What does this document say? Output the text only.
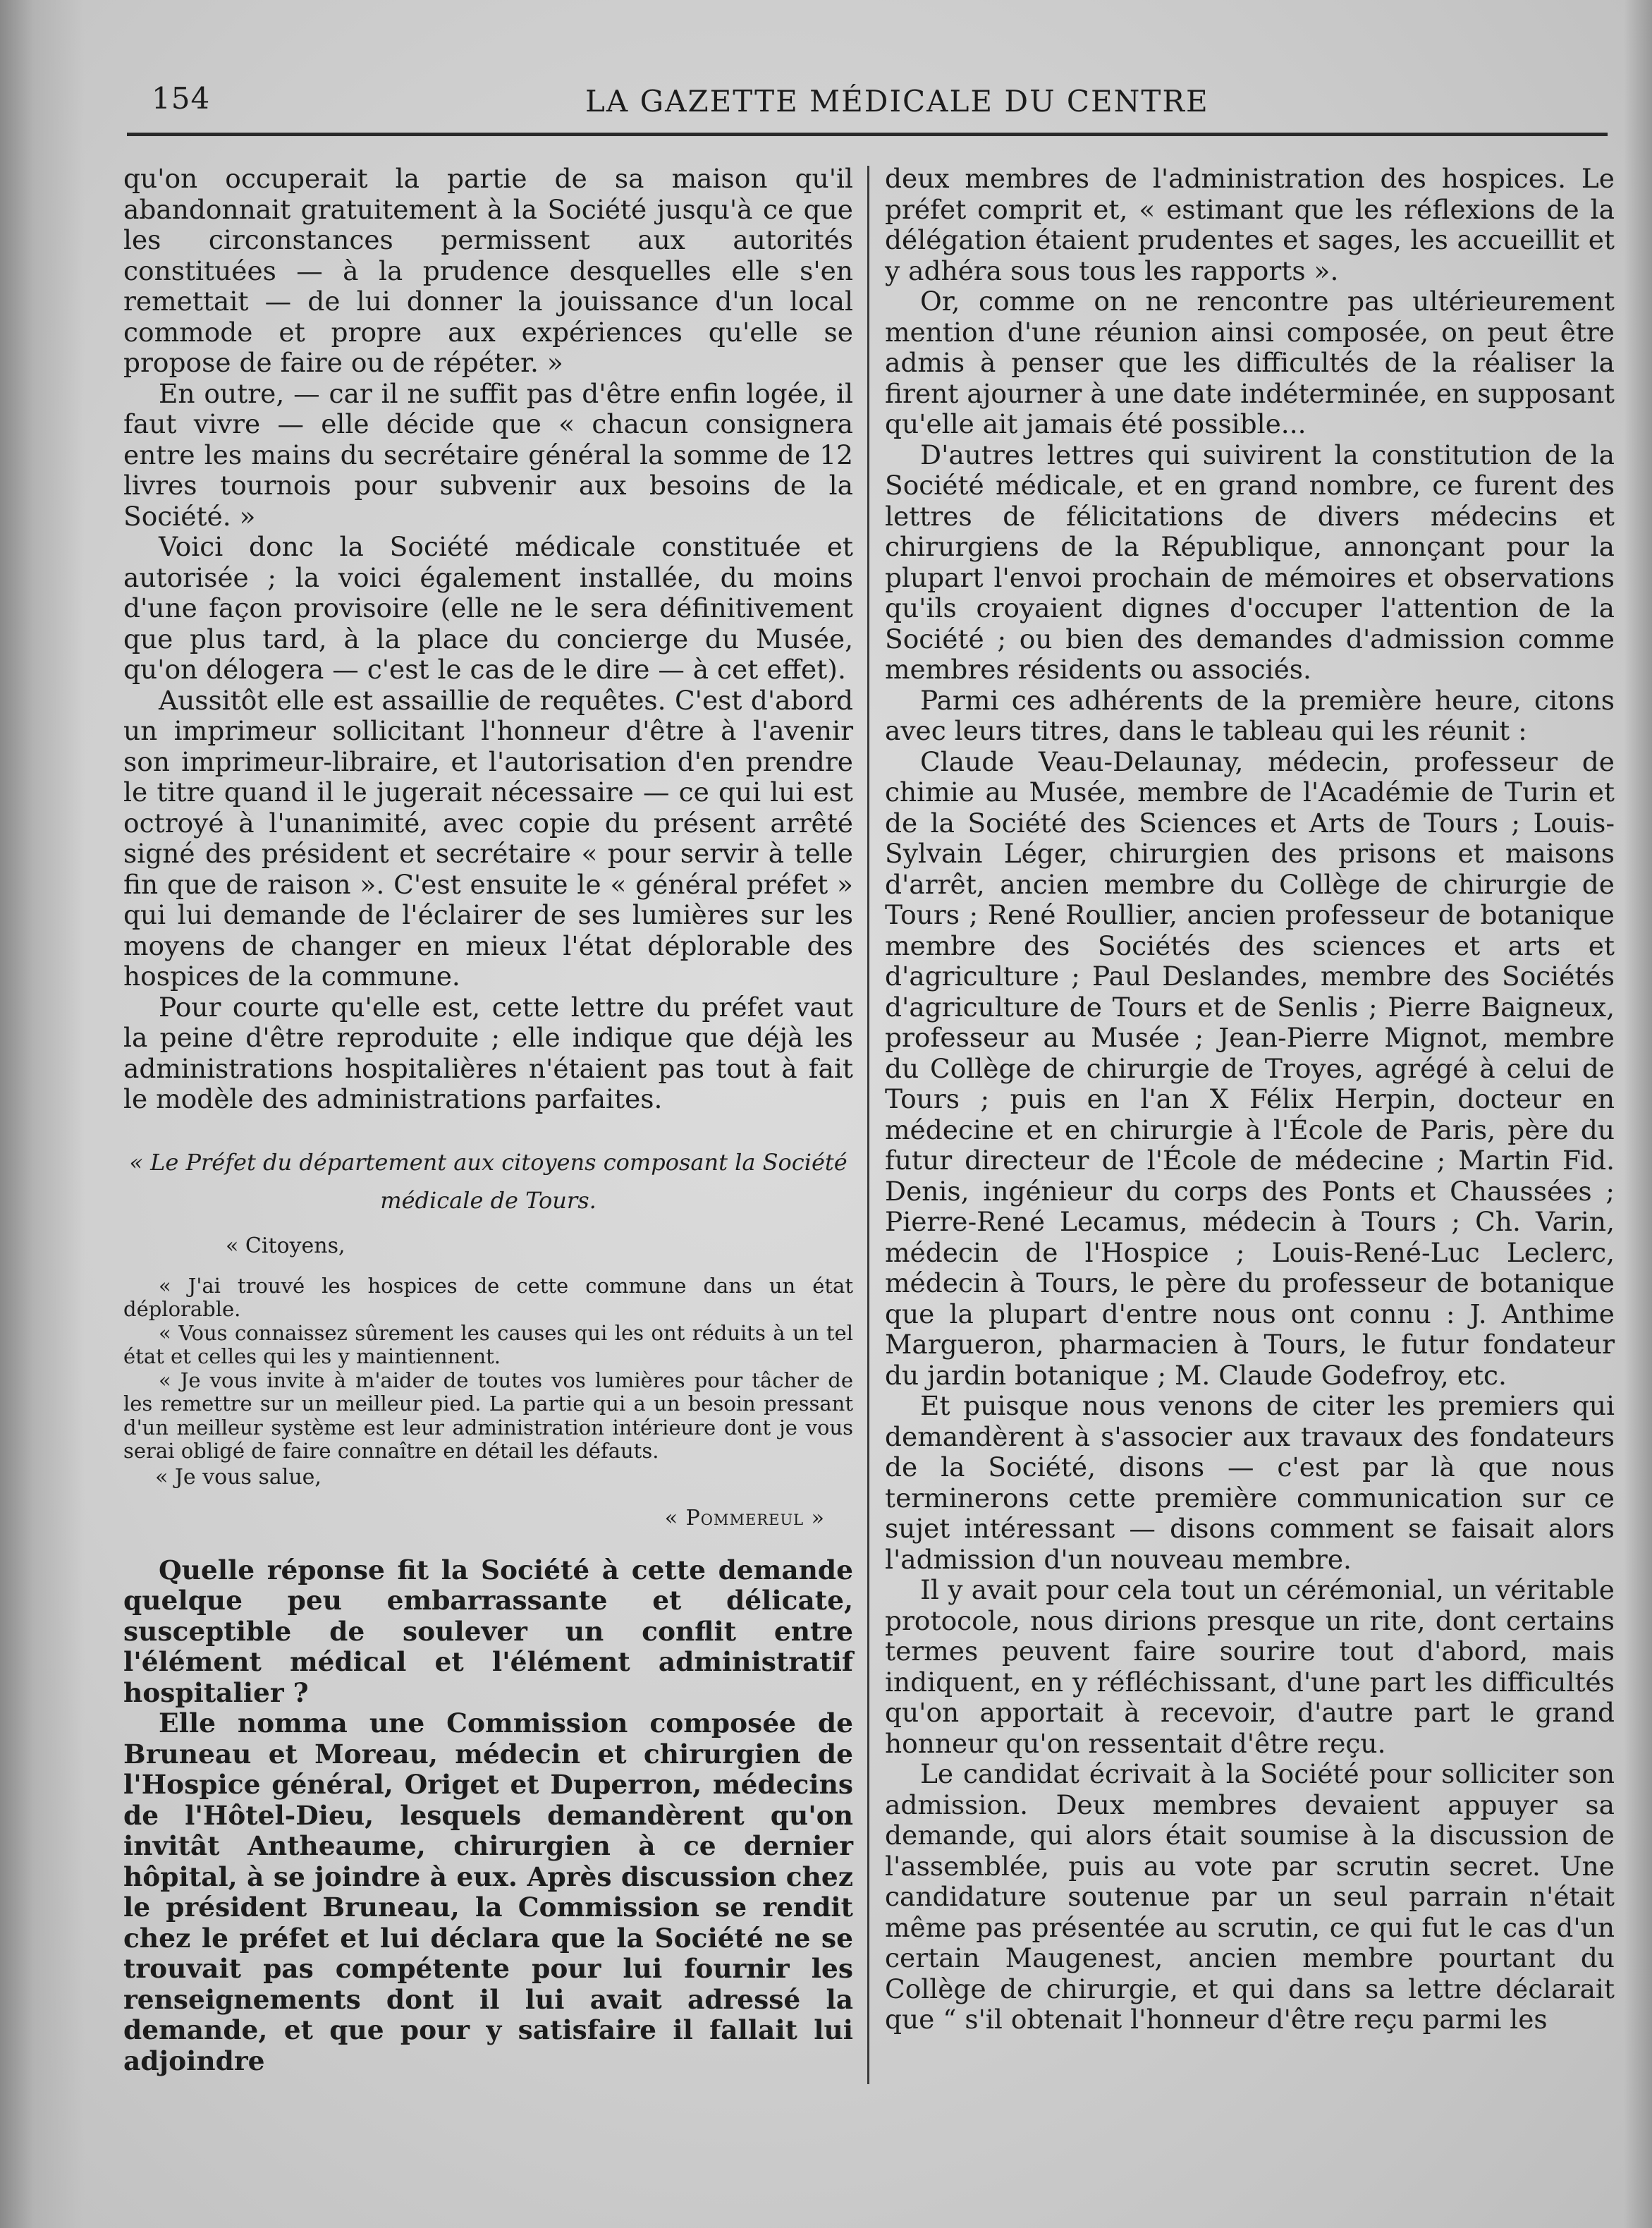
154	LA GAZETTE MÉDICALE DU CENTRE

qu'on occuperait la partie de sa maison qu'il abandonnait gratuitement à la Société jusqu'à ce que les circonstances permissent aux autorités constituées — à la prudence desquelles elle s'en remettait — de lui donner la jouissance d'un local commode et propre aux expériences qu'elle se propose de faire ou de répéter. »

En outre, — car il ne suffit pas d'être enfin logée, il faut vivre — elle décide que « chacun consignera entre les mains du secrétaire général la somme de 12 livres tournois pour subvenir aux besoins de la Société. »

Voici donc la Société médicale constituée et autorisée ; la voici également installée, du moins d'une façon provisoire (elle ne le sera définitivement que plus tard, à la place du concierge du Musée, qu'on délogera — c'est le cas de le dire — à cet effet).

Aussitôt elle est assaillie de requêtes. C'est d'abord un imprimeur sollicitant l'honneur d'être à l'avenir son imprimeur-libraire, et l'autorisation d'en prendre le titre quand il le jugerait nécessaire — ce qui lui est octroyé à l'unanimité, avec copie du présent arrêté signé des président et secrétaire « pour servir à telle fin que de raison ». C'est ensuite le « général préfet » qui lui demande de l'éclairer de ses lumières sur les moyens de changer en mieux l'état déplorable des hospices de la commune.

Pour courte qu'elle est, cette lettre du préfet vaut la peine d'être reproduite ; elle indique que déjà les administrations hospitalières n'étaient pas tout à fait le modèle des administrations parfaites.

« Le Préfet du département aux citoyens composant la Société médicale de Tours.
« Citoyens,

« J'ai trouvé les hospices de cette commune dans un état déplorable.

« Vous connaissez sûrement les causes qui les ont réduits à un tel état et celles qui les y maintiennent.

« Je vous invite à m'aider de toutes vos lumières pour tâcher de les remettre sur un meilleur pied. La partie qui a un besoin pressant d'un meilleur système est leur administration intérieure dont je vous serai obligé de faire connaître en détail les défauts.

« Je vous salue,
« Pommereul »

Quelle réponse fit la Société à cette demande quelque peu embarrassante et délicate, susceptible de soulever un conflit entre l'élément médical et l'élément administratif hospitalier ?

Elle nomma une Commission composée de Bruneau et Moreau, médecin et chirurgien de l'Hospice général, Origet et Duperron, médecins de l'Hôtel-Dieu, lesquels demandèrent qu'on invitât Antheaume, chirurgien à ce dernier hôpital, à se joindre à eux. Après discussion chez le président Bruneau, la Commission se rendit chez le préfet et lui déclara que la Société ne se trouvait pas compétente pour lui fournir les renseignements dont il lui avait adressé la demande, et que pour y satisfaire il fallait lui adjoindre

deux membres de l'administration des hospices. Le préfet comprit et, « estimant que les réflexions de la délégation étaient prudentes et sages, les accueillit et y adhéra sous tous les rapports ».

Or, comme on ne rencontre pas ultérieurement mention d'une réunion ainsi composée, on peut être admis à penser que les difficultés de la réaliser la firent ajourner à une date indéterminée, en supposant qu'elle ait jamais été possible...

D'autres lettres qui suivirent la constitution de la Société médicale, et en grand nombre, ce furent des lettres de félicitations de divers médecins et chirurgiens de la République, annonçant pour la plupart l'envoi prochain de mémoires et observations qu'ils croyaient dignes d'occuper l'attention de la Société ; ou bien des demandes d'admission comme membres résidents ou associés.

Parmi ces adhérents de la première heure, citons avec leurs titres, dans le tableau qui les réunit :

Claude Veau-Delaunay, médecin, professeur de chimie au Musée, membre de l'Académie de Turin et de la Société des Sciences et Arts de Tours ; Louis-Sylvain Léger, chirurgien des prisons et maisons d'arrêt, ancien membre du Collège de chirurgie de Tours ; René Roullier, ancien professeur de botanique membre des Sociétés des sciences et arts et d'agriculture ; Paul Deslandes, membre des Sociétés d'agriculture de Tours et de Senlis ; Pierre Baigneux, professeur au Musée ; Jean-Pierre Mignot, membre du Collège de chirurgie de Troyes, agrégé à celui de Tours ; puis en l'an X Félix Herpin, docteur en médecine et en chirurgie à l'École de Paris, père du futur directeur de l'École de médecine ; Martin Fid. Denis, ingénieur du corps des Ponts et Chaussées ; Pierre-René Lecamus, médecin à Tours ; Ch. Varin, médecin de l'Hospice ; Louis-René-Luc Leclerc, médecin à Tours, le père du professeur de botanique que la plupart d'entre nous ont connu : J. Anthime Margueron, pharmacien à Tours, le futur fondateur du jardin botanique ; M. Claude Godefroy, etc.

Et puisque nous venons de citer les premiers qui demandèrent à s'associer aux travaux des fondateurs de la Société, disons — c'est par là que nous terminerons cette première communication sur ce sujet intéressant — disons comment se faisait alors l'admission d'un nouveau membre.

Il y avait pour cela tout un cérémonial, un véritable protocole, nous dirions presque un rite, dont certains termes peuvent faire sourire tout d'abord, mais indiquent, en y réfléchissant, d'une part les difficultés qu'on apportait à recevoir, d'autre part le grand honneur qu'on ressentait d'être reçu.

Le candidat écrivait à la Société pour solliciter son admission. Deux membres devaient appuyer sa demande, qui alors était soumise à la discussion de l'assemblée, puis au vote par scrutin secret. Une candidature soutenue par un seul parrain n'était même pas présentée au scrutin, ce qui fut le cas d'un certain Maugenest, ancien membre pourtant du Collège de chirurgie, et qui dans sa lettre déclarait que “ s'il obtenait l'honneur d'être reçu parmi les
